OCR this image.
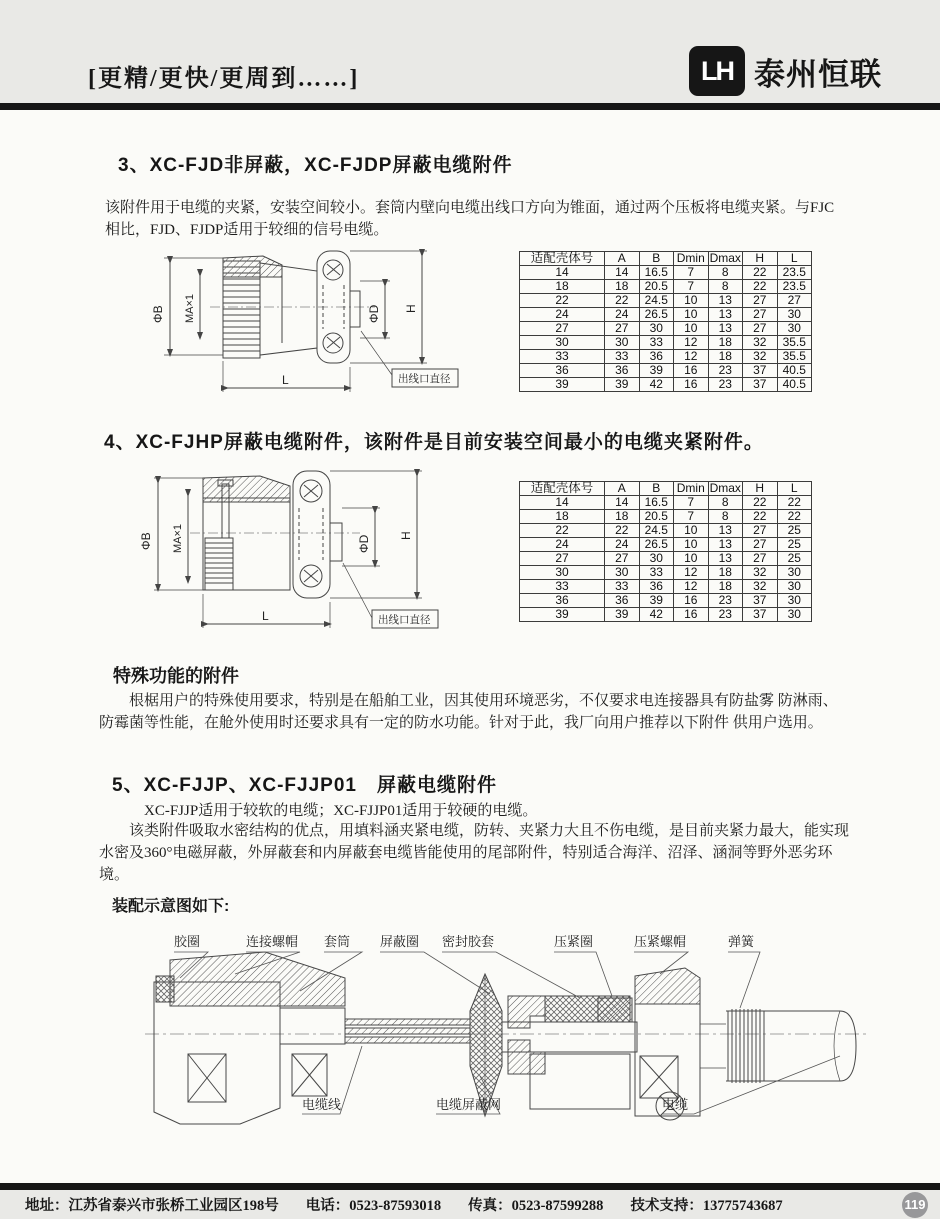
[更精/更快/更周到……]	LH 泰州恒联
3、XC-FJD非屏蔽，XC-FJDP屏蔽电缆附件
该附件用于电缆的夹紧，安装空间较小。套筒内壁向电缆出线口方向为锥面，通过两个压板将电缆夹紧。与FJC相比，FJD、FJDP适用于较细的信号电缆。
ΦB MA×1	ΦD H
L	出线口直径
适配壳体号	A	B	Dmin	Dmax	H	L
14	14	16.5	7	8	22	23.5
18	18	20.5	7	8	22	23.5
22	22	24.5	10	13	27	27
24	24	26.5	10	13	27	30
27	27	30	10	13	27	30
30	30	33	12	18	32	35.5
33	33	36	12	18	32	35.5
36	36	39	16	23	37	40.5
39	39	42	16	23	37	40.5
4、XC-FJHP屏蔽电缆附件，该附件是目前安装空间最小的电缆夹紧附件。
ΦB MA×1	ΦD H
L	出线口直径
适配壳体号	A	B	Dmin	Dmax	H	L
14	14	16.5	7	8	22	22
18	18	20.5	7	8	22	22
22	22	24.5	10	13	27	25
24	24	26.5	10	13	27	25
27	27	30	10	13	27	25
30	30	33	12	18	32	30
33	33	36	12	18	32	30
36	36	39	16	23	37	30
39	39	42	16	23	37	30
特殊功能的附件
根椐用户的特殊使用要求，特别是在船舶工业，因其使用环境恶劣，不仅要求电连接器具有防盐雾 防淋雨、防霉菌等性能，在舱外使用时还要求具有一定的防水功能。针对于此，我厂向用户推荐以下附件 供用户选用。
5、XC-FJJP、XC-FJJP01　屏蔽电缆附件
XC-FJJP适用于较软的电缆；XC-FJJP01适用于较硬的电缆。
该类附件吸取水密结构的优点，用填料涵夹紧电缆，防转、夹紧力大且不伤电缆，是目前夹紧力最大，能实现水密及360°电磁屏蔽，外屏蔽套和内屏蔽套电缆皆能使用的尾部附件，特别适合海洋、沼泽、涵洞等野外恶劣环境。
装配示意图如下:
胶圈	连接螺帽 套筒 屏蔽圈 密封胶套	压紧圈	压紧螺帽	弹簧
电缆线	电缆屏蔽网	电缆
地址：江苏省泰兴市张桥工业园区198号 电话：0523-87593018 传真：0523-87599288 技术支持：13775743687	119
